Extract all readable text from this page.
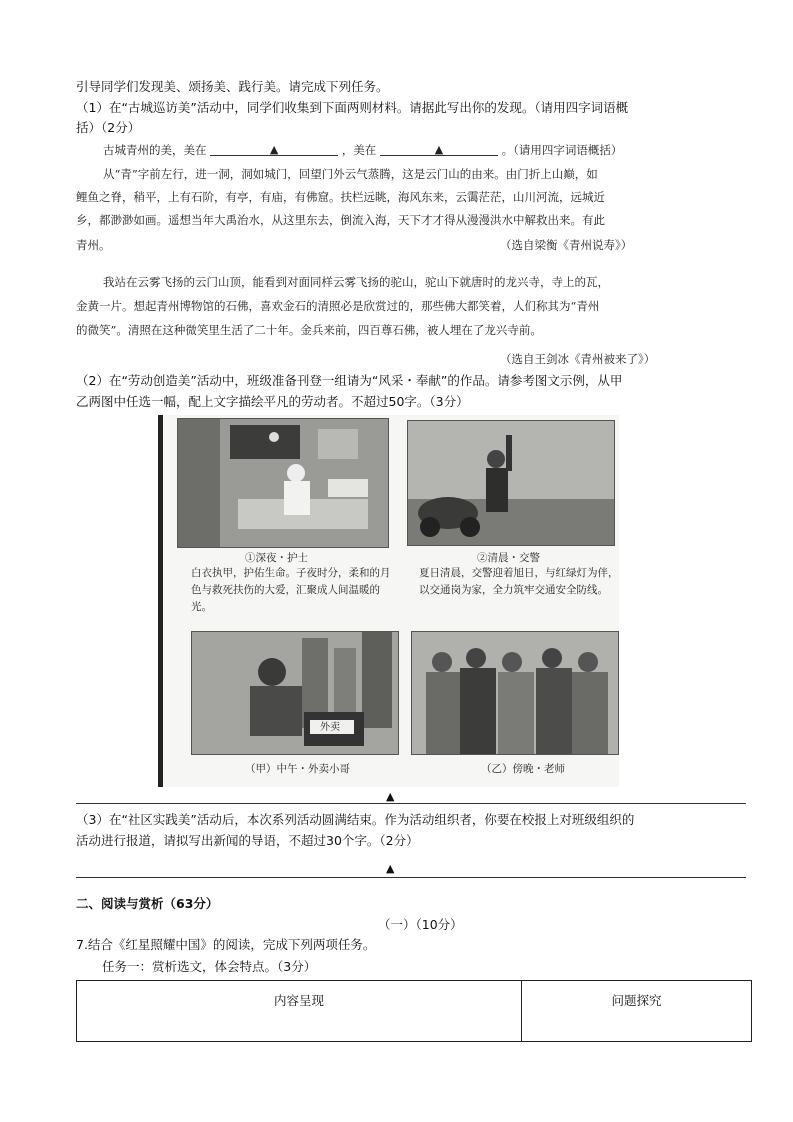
引导同学们发现美、颂扬美、践行美。请完成下列任务。
（1）在“古城巡访美”活动中，同学们收集到下面两则材料。请据此写出你的发现。（请用四字词语概
括）（2分）
古城青州的美，美在	▲	，美在	▲	。（请用四字词语概括）
从“青”字前左行，进一洞，洞如城门，回望门外云气蒸腾，这是云门山的由来。由门折上山巅，如
鲤鱼之脊，稍平，上有石阶，有亭，有庙，有佛窟。扶栏远眺，海风东来，云霭茫茫，山川河流，远城近
乡，都渺渺如画。遥想当年大禹治水，从这里东去，倒流入海，天下才才得从漫漫洪水中解救出来。有此
青州。	（选自梁衡《青州说寿》）
我站在云雾飞扬的云门山顶，能看到对面同样云雾飞扬的驼山，驼山下就唐时的龙兴寺，寺上的瓦，
金黄一片。想起青州博物馆的石佛，喜欢金石的清照必是欣赏过的，那些佛大都笑着，人们称其为“青州
的微笑”。清照在这种微笑里生活了二十年。金兵来前，四百尊石佛，被人埋在了龙兴寺前。
（选自王剑冰《青州被来了》）
（2）在“劳动创造美”活动中，班级准备刊登一组请为“风采・奉献”的作品。请参考图文示例，从甲
乙两图中任选一幅，配上文字描绘平凡的劳动者。不超过50字。（3分）
①深夜・护士	②清晨・交警
白衣执甲，护佑生命。子夜时分，柔和的月色与救死扶伤的大爱，汇聚成人间温暖的光。
夏日清晨，交警迎着旭日，与红绿灯为伴，以交通岗为家，全力筑牢交通安全防线。
外卖
（甲）中午・外卖小哥	（乙）傍晚・老师
▲
（3）在“社区实践美”活动后，本次系列活动圆满结束。作为活动组织者，你要在校报上对班级组织的
活动进行报道，请拟写出新闻的导语，不超过30个字。（2分）
▲
二、阅读与赏析（63分）
（一）（10分）
7.结合《红星照耀中国》的阅读，完成下列两项任务。
任务一：赏析选文，体会特点。（3分）
内容呈现	问题探究
